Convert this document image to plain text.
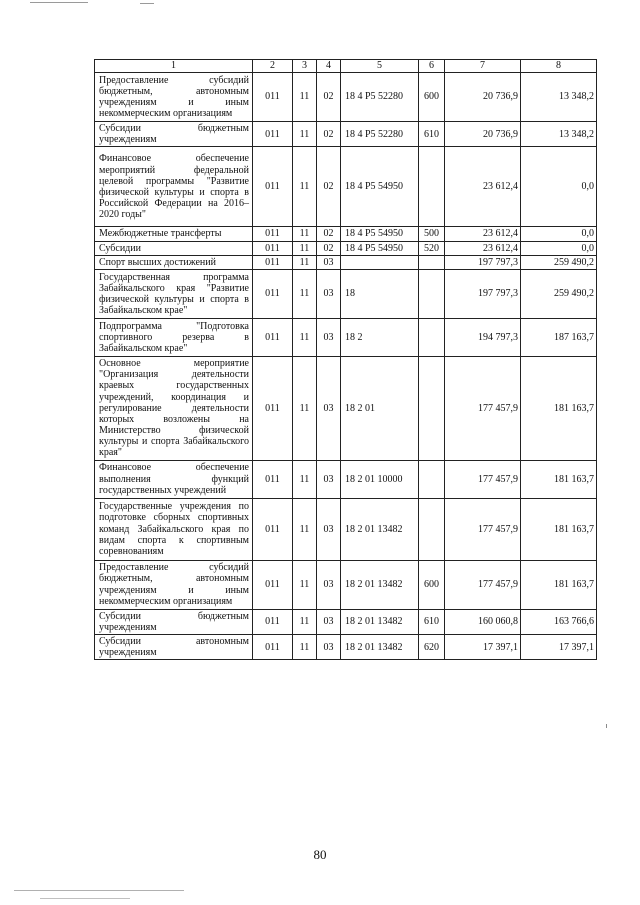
1	2	3	4	5	6	7	8
Предоставление субсидий бюджетным, автономным учреждениям и иным некоммерческим организациям	011	11	02	18 4 P5 52280	600	20 736,9	13 348,2
Субсидии бюджетным учреждениям	011	11	02	18 4 P5 52280	610	20 736,9	13 348,2
Финансовое обеспечение мероприятий федеральной целевой программы "Развитие физической культуры и спорта в Российской Федерации на 2016–2020 годы"	011	11	02	18 4 P5 54950		23 612,4	0,0
Межбюджетные трансферты	011	11	02	18 4 P5 54950	500	23 612,4	0,0
Субсидии	011	11	02	18 4 P5 54950	520	23 612,4	0,0
Спорт высших достижений	011	11	03			197 797,3	259 490,2
Государственная программа Забайкальского края "Развитие физической культуры и спорта в Забайкальском крае"	011	11	03	18		197 797,3	259 490,2
Подпрограмма "Подготовка спортивного резерва в Забайкальском крае"	011	11	03	18 2		194 797,3	187 163,7
Основное мероприятие "Организация деятельности краевых государственных учреждений, координация и регулирование деятельности которых возложены на Министерство физической культуры и спорта Забайкальского края"	011	11	03	18 2 01		177 457,9	181 163,7
Финансовое обеспечение выполнения функций государственных учреждений	011	11	03	18 2 01 10000		177 457,9	181 163,7
Государственные учреждения по подготовке сборных спортивных команд Забайкальского края по видам спорта к спортивным соревнованиям	011	11	03	18 2 01 13482		177 457,9	181 163,7
Предоставление субсидий бюджетным, автономным учреждениям и иным некоммерческим организациям	011	11	03	18 2 01 13482	600	177 457,9	181 163,7
Субсидии бюджетным учреждениям	011	11	03	18 2 01 13482	610	160 060,8	163 766,6
Субсидии автономным учреждениям	011	11	03	18 2 01 13482	620	17 397,1	17 397,1
80
